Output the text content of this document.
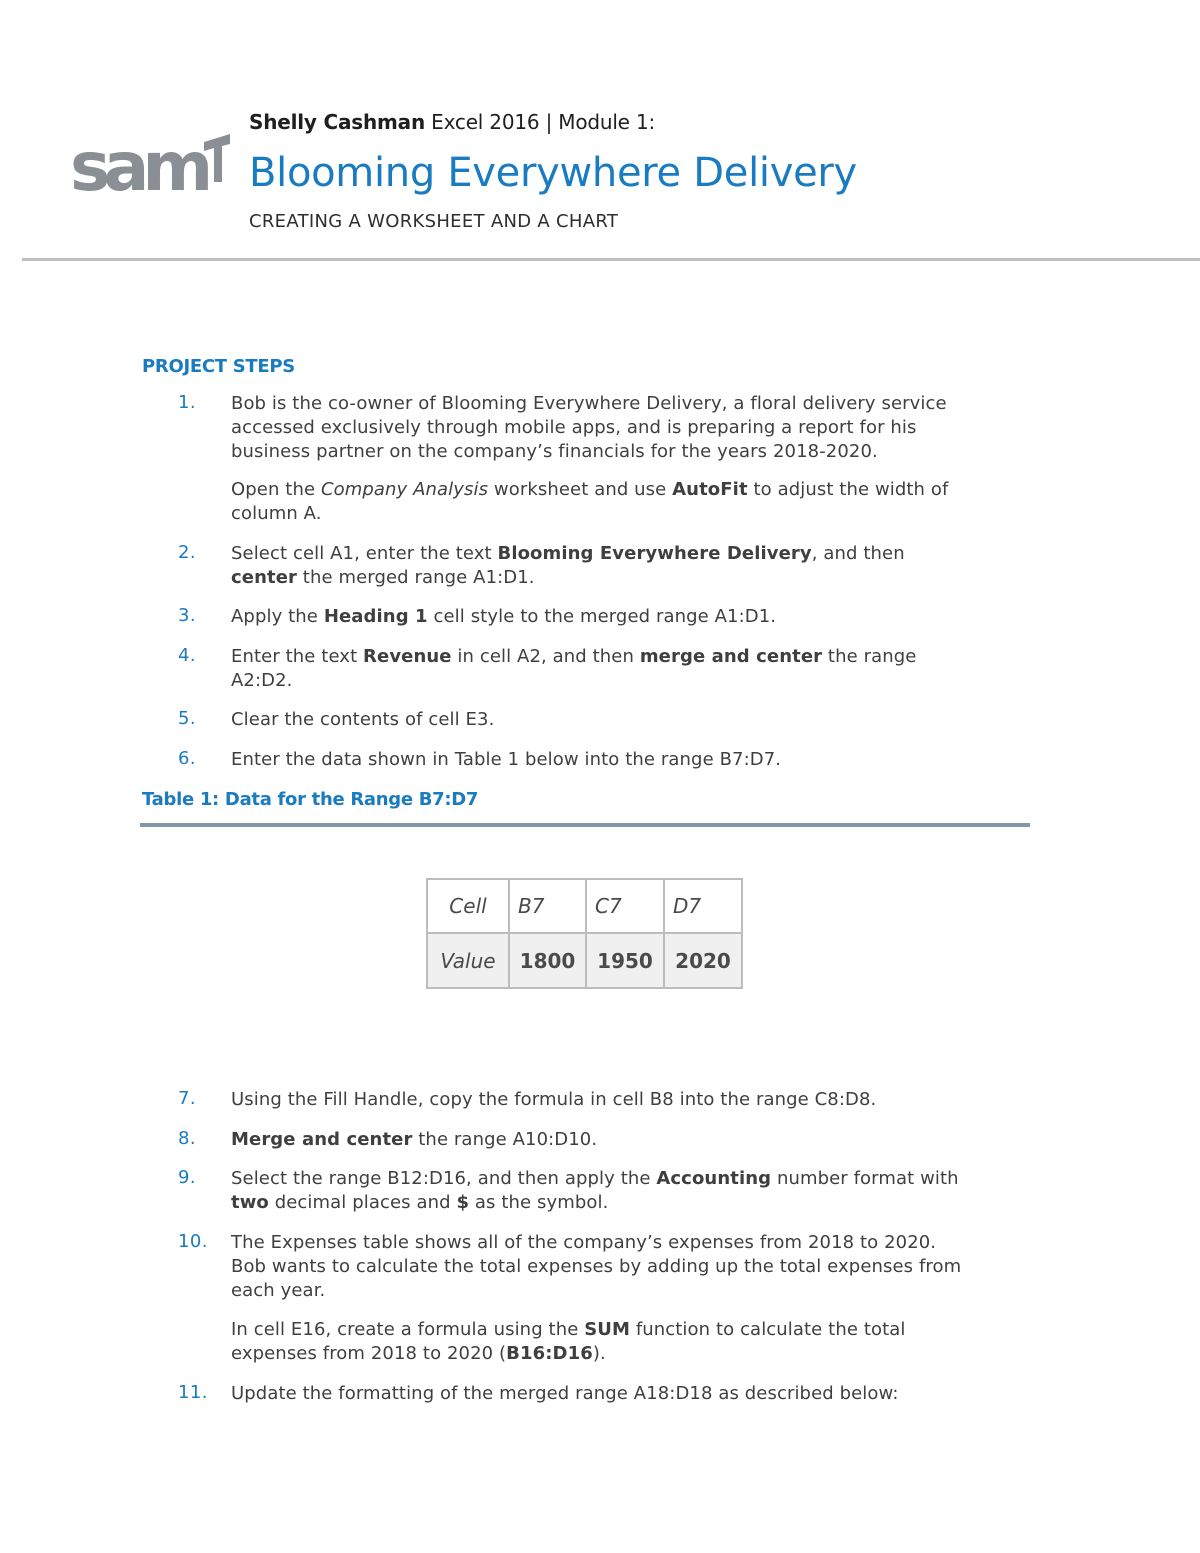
sam
Shelly Cashman Excel 2016 | Module 1:
Blooming Everywhere Delivery
CREATING A WORKSHEET AND A CHART
PROJECT STEPS
1. Bob is the co-owner of Blooming Everywhere Delivery, a floral delivery service
accessed exclusively through mobile apps, and is preparing a report for his
business partner on the company’s financials for the years 2018-2020.
Open the Company Analysis worksheet and use AutoFit to adjust the width of
column A.
2. Select cell A1, enter the text Blooming Everywhere Delivery, and then
center the merged range A1:D1.
3. Apply the Heading 1 cell style to the merged range A1:D1.
4. Enter the text Revenue in cell A2, and then merge and center the range
A2:D2.
5. Clear the contents of cell E3.
6. Enter the data shown in Table 1 below into the range B7:D7.
Table 1: Data for the Range B7:D7
Cell	B7	C7	D7
Value	1800	1950	2020
7. Using the Fill Handle, copy the formula in cell B8 into the range C8:D8.
8. Merge and center the range A10:D10.
9. Select the range B12:D16, and then apply the Accounting number format with
two decimal places and $ as the symbol.
10. The Expenses table shows all of the company’s expenses from 2018 to 2020.
Bob wants to calculate the total expenses by adding up the total expenses from
each year.
In cell E16, create a formula using the SUM function to calculate the total
expenses from 2018 to 2020 (B16:D16).
11. Update the formatting of the merged range A18:D18 as described below:
